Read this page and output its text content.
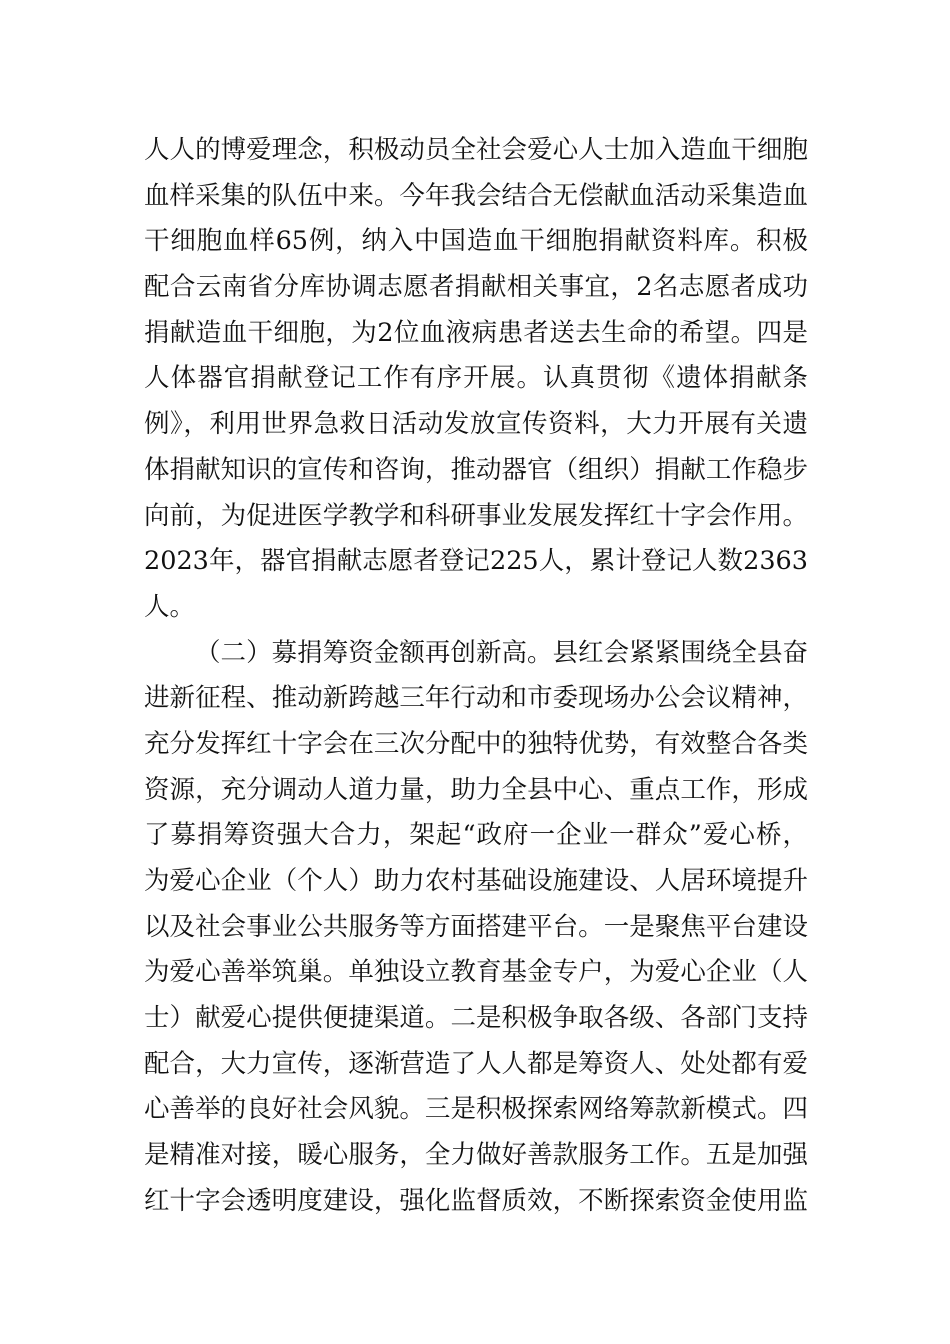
人人的博爱理念，积极动员全社会爱心人士加入造血干细胞
血样采集的队伍中来。今年我会结合无偿献血活动采集造血
干细胞血样65例，纳入中国造血干细胞捐献资料库。积极
配合云南省分库协调志愿者捐献相关事宜，2名志愿者成功
捐献造血干细胞，为2位血液病患者送去生命的希望。四是
人体器官捐献登记工作有序开展。认真贯彻《遗体捐献条
例》，利用世界急救日活动发放宣传资料，大力开展有关遗
体捐献知识的宣传和咨询，推动器官（组织）捐献工作稳步
向前，为促进医学教学和科研事业发展发挥红十字会作用。
2023年，器官捐献志愿者登记225人，累计登记人数2363
人。
（二）募捐筹资金额再创新高。县红会紧紧围绕全县奋
进新征程、推动新跨越三年行动和市委现场办公会议精神，
充分发挥红十字会在三次分配中的独特优势，有效整合各类
资源，充分调动人道力量，助力全县中心、重点工作，形成
了募捐筹资强大合力，架起“政府一企业一群众”爱心桥，
为爱心企业（个人）助力农村基础设施建设、人居环境提升
以及社会事业公共服务等方面搭建平台。一是聚焦平台建设
为爱心善举筑巢。单独设立教育基金专户，为爱心企业（人
士）献爱心提供便捷渠道。二是积极争取各级、各部门支持
配合，大力宣传，逐渐营造了人人都是筹资人、处处都有爱
心善举的良好社会风貌。三是积极探索网络筹款新模式。四
是精准对接，暖心服务，全力做好善款服务工作。五是加强
红十字会透明度建设，强化监督质效，不断探索资金使用监
